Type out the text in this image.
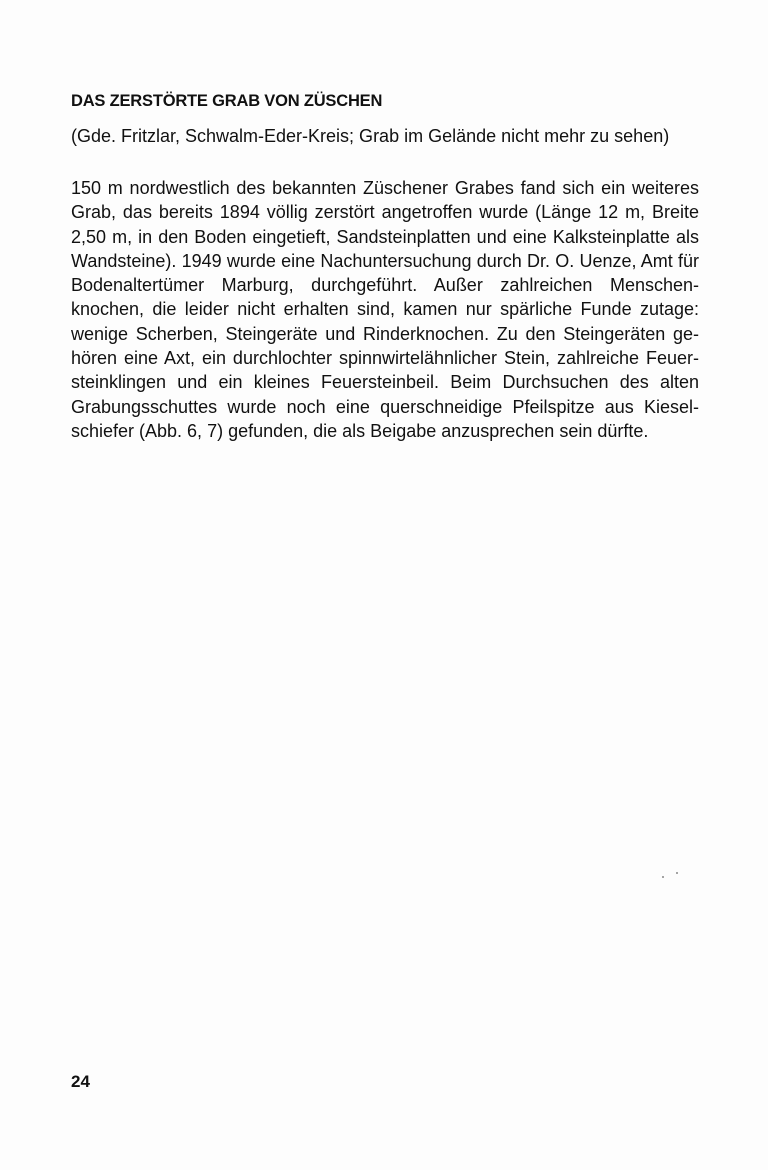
DAS ZERSTÖRTE GRAB VON ZÜSCHEN

(Gde. Fritzlar, Schwalm-Eder-Kreis; Grab im Gelände nicht mehr zu sehen)

150 m nordwestlich des bekannten Züschener Grabes fand sich ein weiteres
Grab, das bereits 1894 völlig zerstört angetroffen wurde (Länge 12 m, Breite
2,50 m, in den Boden eingetieft, Sandsteinplatten und eine Kalksteinplatte als
Wandsteine). 1949 wurde eine Nachuntersuchung durch Dr. O. Uenze, Amt für
Bodenaltertümer Marburg, durchgeführt. Außer zahlreichen Menschen-
knochen, die leider nicht erhalten sind, kamen nur spärliche Funde zutage:
wenige Scherben, Steingeräte und Rinderknochen. Zu den Steingeräten ge-
hören eine Axt, ein durchlochter spinnwirtelähnlicher Stein, zahlreiche Feuer-
steinklingen und ein kleines Feuersteinbeil. Beim Durchsuchen des alten
Grabungsschuttes wurde noch eine querschneidige Pfeilspitze aus Kiesel-
schiefer (Abb. 6, 7) gefunden, die als Beigabe anzusprechen sein dürfte.

24
